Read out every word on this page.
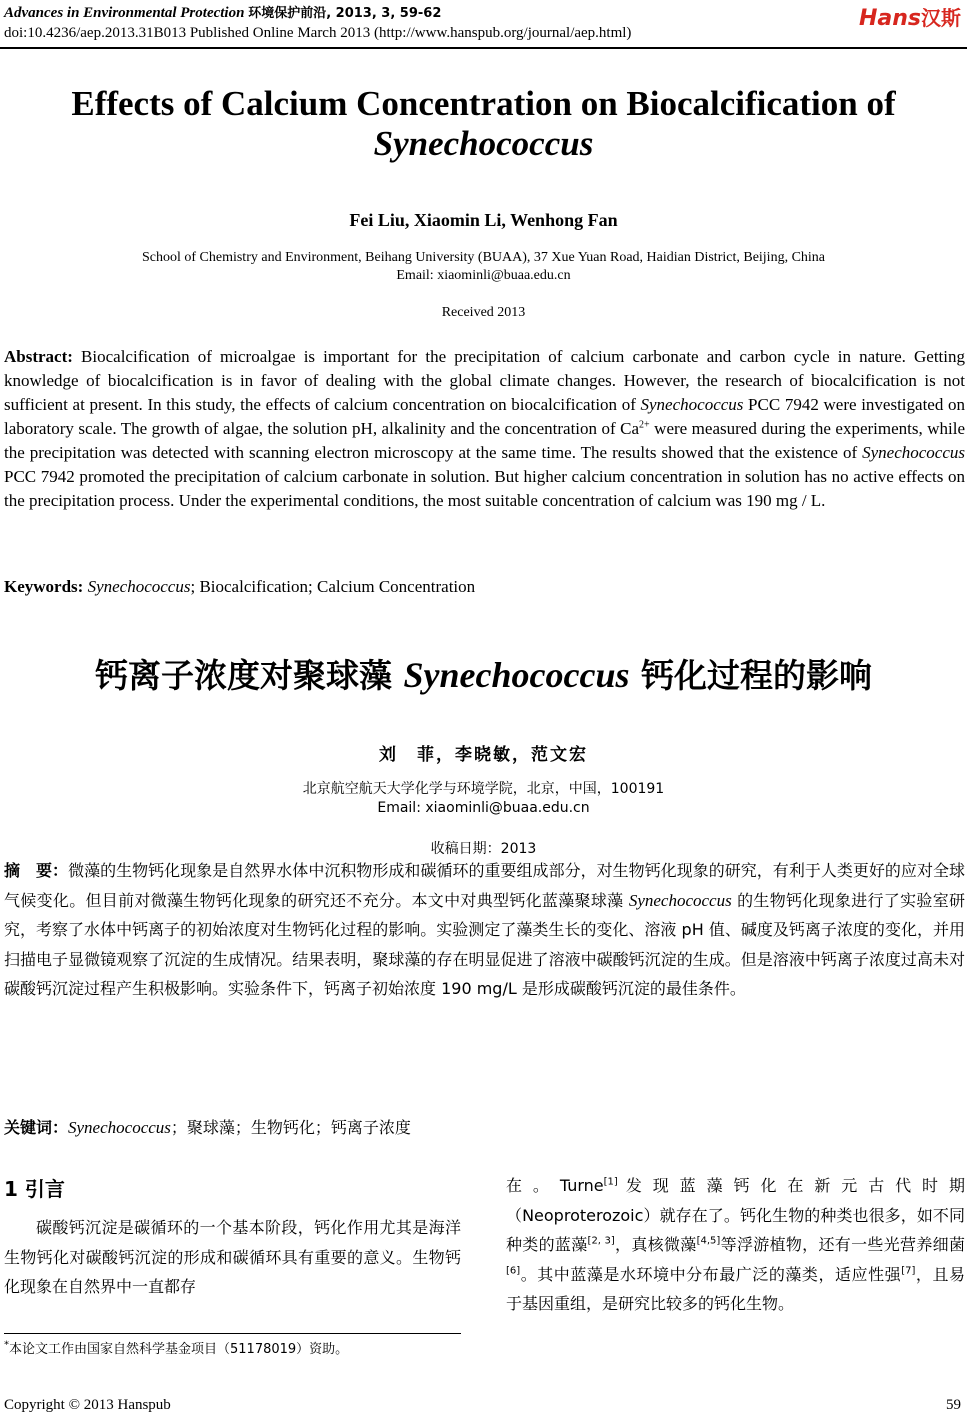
Advances in Environmental Protection 环境保护前沿, 2013, 3, 59-62
doi:10.4236/aep.2013.31B013 Published Online March 2013 (http://www.hanspub.org/journal/aep.html)
Hans汉斯
Effects of Calcium Concentration on Biocalcification of
Synechococcus
Fei Liu, Xiaomin Li, Wenhong Fan
School of Chemistry and Environment, Beihang University (BUAA), 37 Xue Yuan Road, Haidian District, Beijing, China
Email: xiaominli@buaa.edu.cn
Received 2013
Abstract: Biocalcification of microalgae is important for the precipitation of calcium carbonate and carbon cycle in nature. Getting knowledge of biocalcification is in favor of dealing with the global climate changes. However, the research of biocalcification is not sufficient at present. In this study, the effects of calcium concentration on biocalcification of Synechococcus PCC 7942 were investigated on laboratory scale. The growth of algae, the solution pH, alkalinity and the concentration of $Ca^{2+}$ were measured during the experiments, while the precipitation was detected with scanning electron microscopy at the same time. The results showed that the existence of Synechococcus PCC 7942 promoted the precipitation of calcium carbonate in solution. But higher calcium concentration in solution has no active effects on the precipitation process. Under the experimental conditions, the most suitable concentration of calcium was 190 mg / L.
Keywords: Synechococcus; Biocalcification; Calcium Concentration
钙离子浓度对聚球藻 Synechococcus 钙化过程的影响
刘　菲，李晓敏，范文宏
北京航空航天大学化学与环境学院，北京，中国，100191
Email: xiaominli@buaa.edu.cn
收稿日期：2013
摘　要：微藻的生物钙化现象是自然界水体中沉积物形成和碳循环的重要组成部分，对生物钙化现象的研究，有利于人类更好的应对全球气候变化。但目前对微藻生物钙化现象的研究还不充分。本文中对典型钙化蓝藻聚球藻 Synechococcus 的生物钙化现象进行了实验室研究，考察了水体中钙离子的初始浓度对生物钙化过程的影响。实验测定了藻类生长的变化、溶液 pH 值、碱度及钙离子浓度的变化，并用扫描电子显微镜观察了沉淀的生成情况。结果表明，聚球藻的存在明显促进了溶液中碳酸钙沉淀的生成。但是溶液中钙离子浓度过高未对碳酸钙沉淀过程产生积极影响。实验条件下，钙离子初始浓度 190 mg/L 是形成碳酸钙沉淀的最佳条件。
关键词：Synechococcus；聚球藻；生物钙化；钙离子浓度
1 引言
碳酸钙沉淀是碳循环的一个基本阶段，钙化作用尤其是海洋生物钙化对碳酸钙沉淀的形成和碳循环具有重要的意义。生物钙化现象在自然界中一直都存
在 。 Turne[1] 发 现 蓝 藻 钙 化 在 新 元 古 代 时 期（Neoproterozoic）就存在了。钙化生物的种类也很多，如不同种类的蓝藻[2, 3]，真核微藻[4,5]等浮游植物，还有一些光营养细菌[6]。其中蓝藻是水环境中分布最广泛的藻类，适应性强[7]，且易于基因重组，是研究比较多的钙化生物。
*本论文工作由国家自然科学基金项目（51178019）资助。
Copyright © 2013 Hanspub	59
